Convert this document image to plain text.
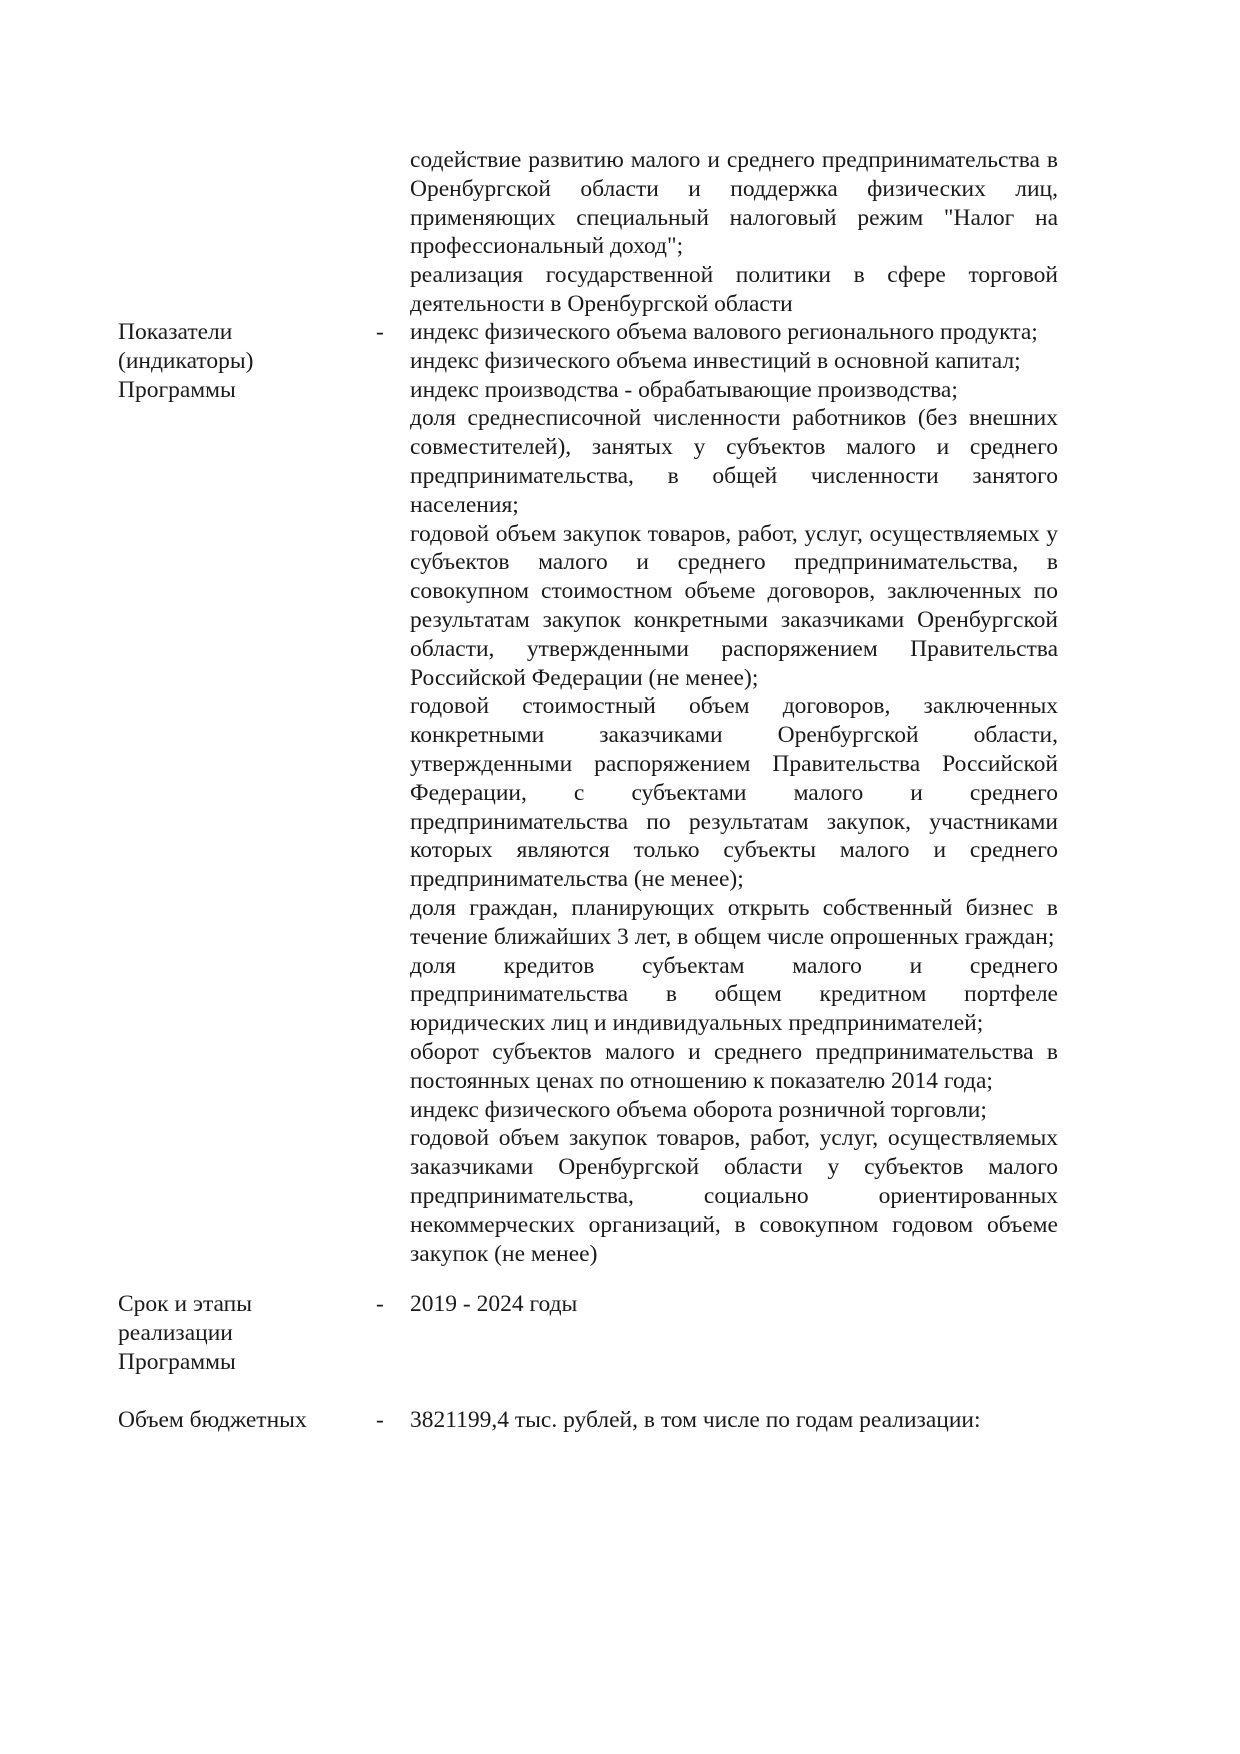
содействие развитию малого и среднего предпринимательства в Оренбургской области и поддержка физических лиц, применяющих специальный налоговый режим "Налог на профессиональный доход";

реализация государственной политики в сфере торговой деятельности в Оренбургской области

Показатели (индикаторы) Программы
- индекс физического объема валового регионального продукта;

индекс физического объема инвестиций в основной капитал;

индекс производства - обрабатывающие производства;

доля среднесписочной численности работников (без внешних совместителей), занятых у субъектов малого и среднего предпринимательства, в общей численности занятого населения;

годовой объем закупок товаров, работ, услуг, осуществляемых у субъектов малого и среднего предпринимательства, в совокупном стоимостном объеме договоров, заключенных по результатам закупок конкретными заказчиками Оренбургской области, утвержденными распоряжением Правительства Российской Федерации (не менее);

годовой стоимостный объем договоров, заключенных конкретными заказчиками Оренбургской области, утвержденными распоряжением Правительства Российской Федерации, с субъектами малого и среднего предпринимательства по результатам закупок, участниками которых являются только субъекты малого и среднего предпринимательства (не менее);

доля граждан, планирующих открыть собственный бизнес в течение ближайших 3 лет, в общем числе опрошенных граждан;

доля кредитов субъектам малого и среднего предпринимательства в общем кредитном портфеле юридических лиц и индивидуальных предпринимателей;

оборот субъектов малого и среднего предпринимательства в постоянных ценах по отношению к показателю 2014 года;

индекс физического объема оборота розничной торговли;

годовой объем закупок товаров, работ, услуг, осуществляемых заказчиками Оренбургской области у субъектов малого предпринимательства, социально ориентированных некоммерческих организаций, в совокупном годовом объеме закупок (не менее)

Срок и этапы реализации Программы
- 2019 - 2024 годы

Объем бюджетных	- 3821199,4 тыс. рублей, в том числе по годам реализации:
